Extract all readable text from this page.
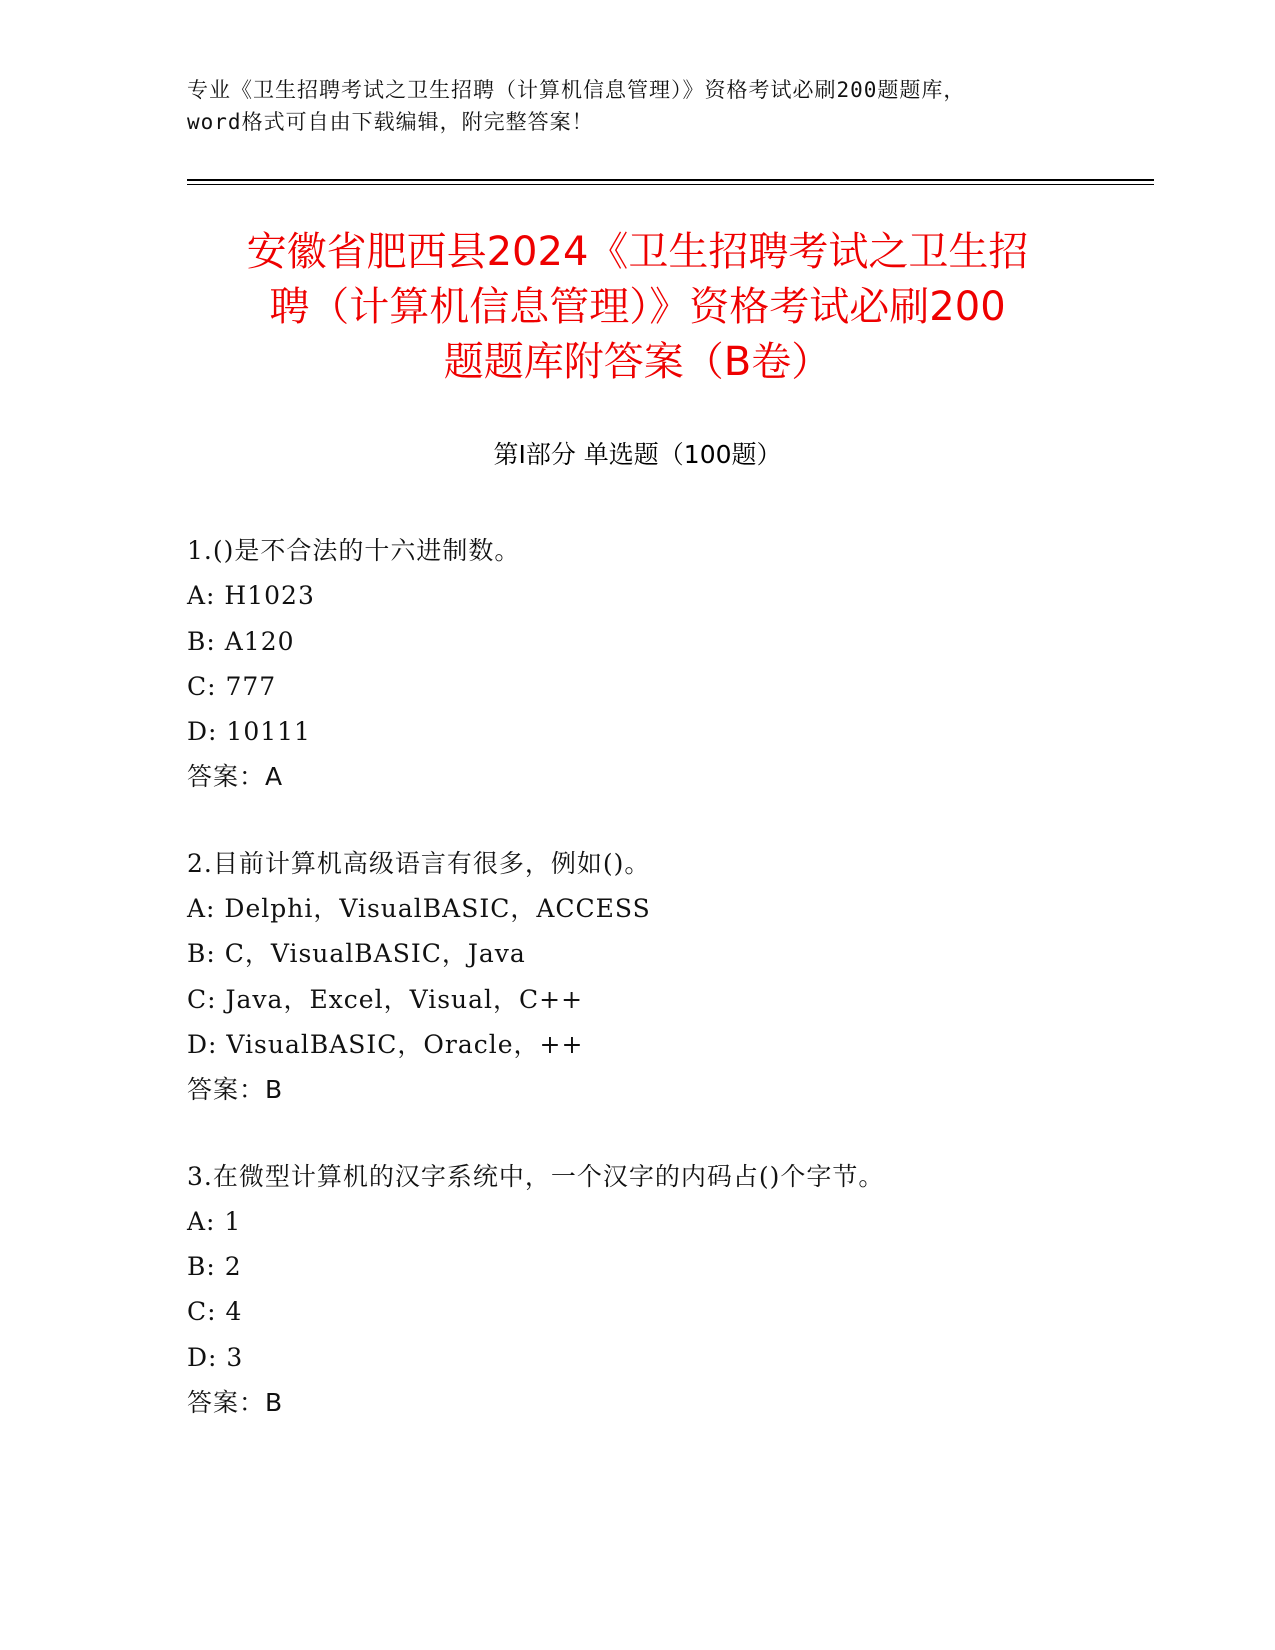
专业《卫生招聘考试之卫生招聘（计算机信息管理）》资格考试必刷200题题库，
word格式可自由下载编辑，附完整答案！
安徽省肥西县2024《卫生招聘考试之卫生招
聘（计算机信息管理）》资格考试必刷200
题题库附答案（B卷）
第I部分 单选题（100题）
1.()是不合法的十六进制数。
A: H1023
B: A120
C: 777
D: 10111
答案：A
2.目前计算机高级语言有很多，例如()。
A: Delphi，VisualBASIC，ACCESS
B: C，VisualBASIC，Java
C: Java，Excel，Visual，C++
D: VisualBASIC，Oracle，++
答案：B
3.在微型计算机的汉字系统中，一个汉字的内码占()个字节。
A: 1
B: 2
C: 4
D: 3
答案：B
